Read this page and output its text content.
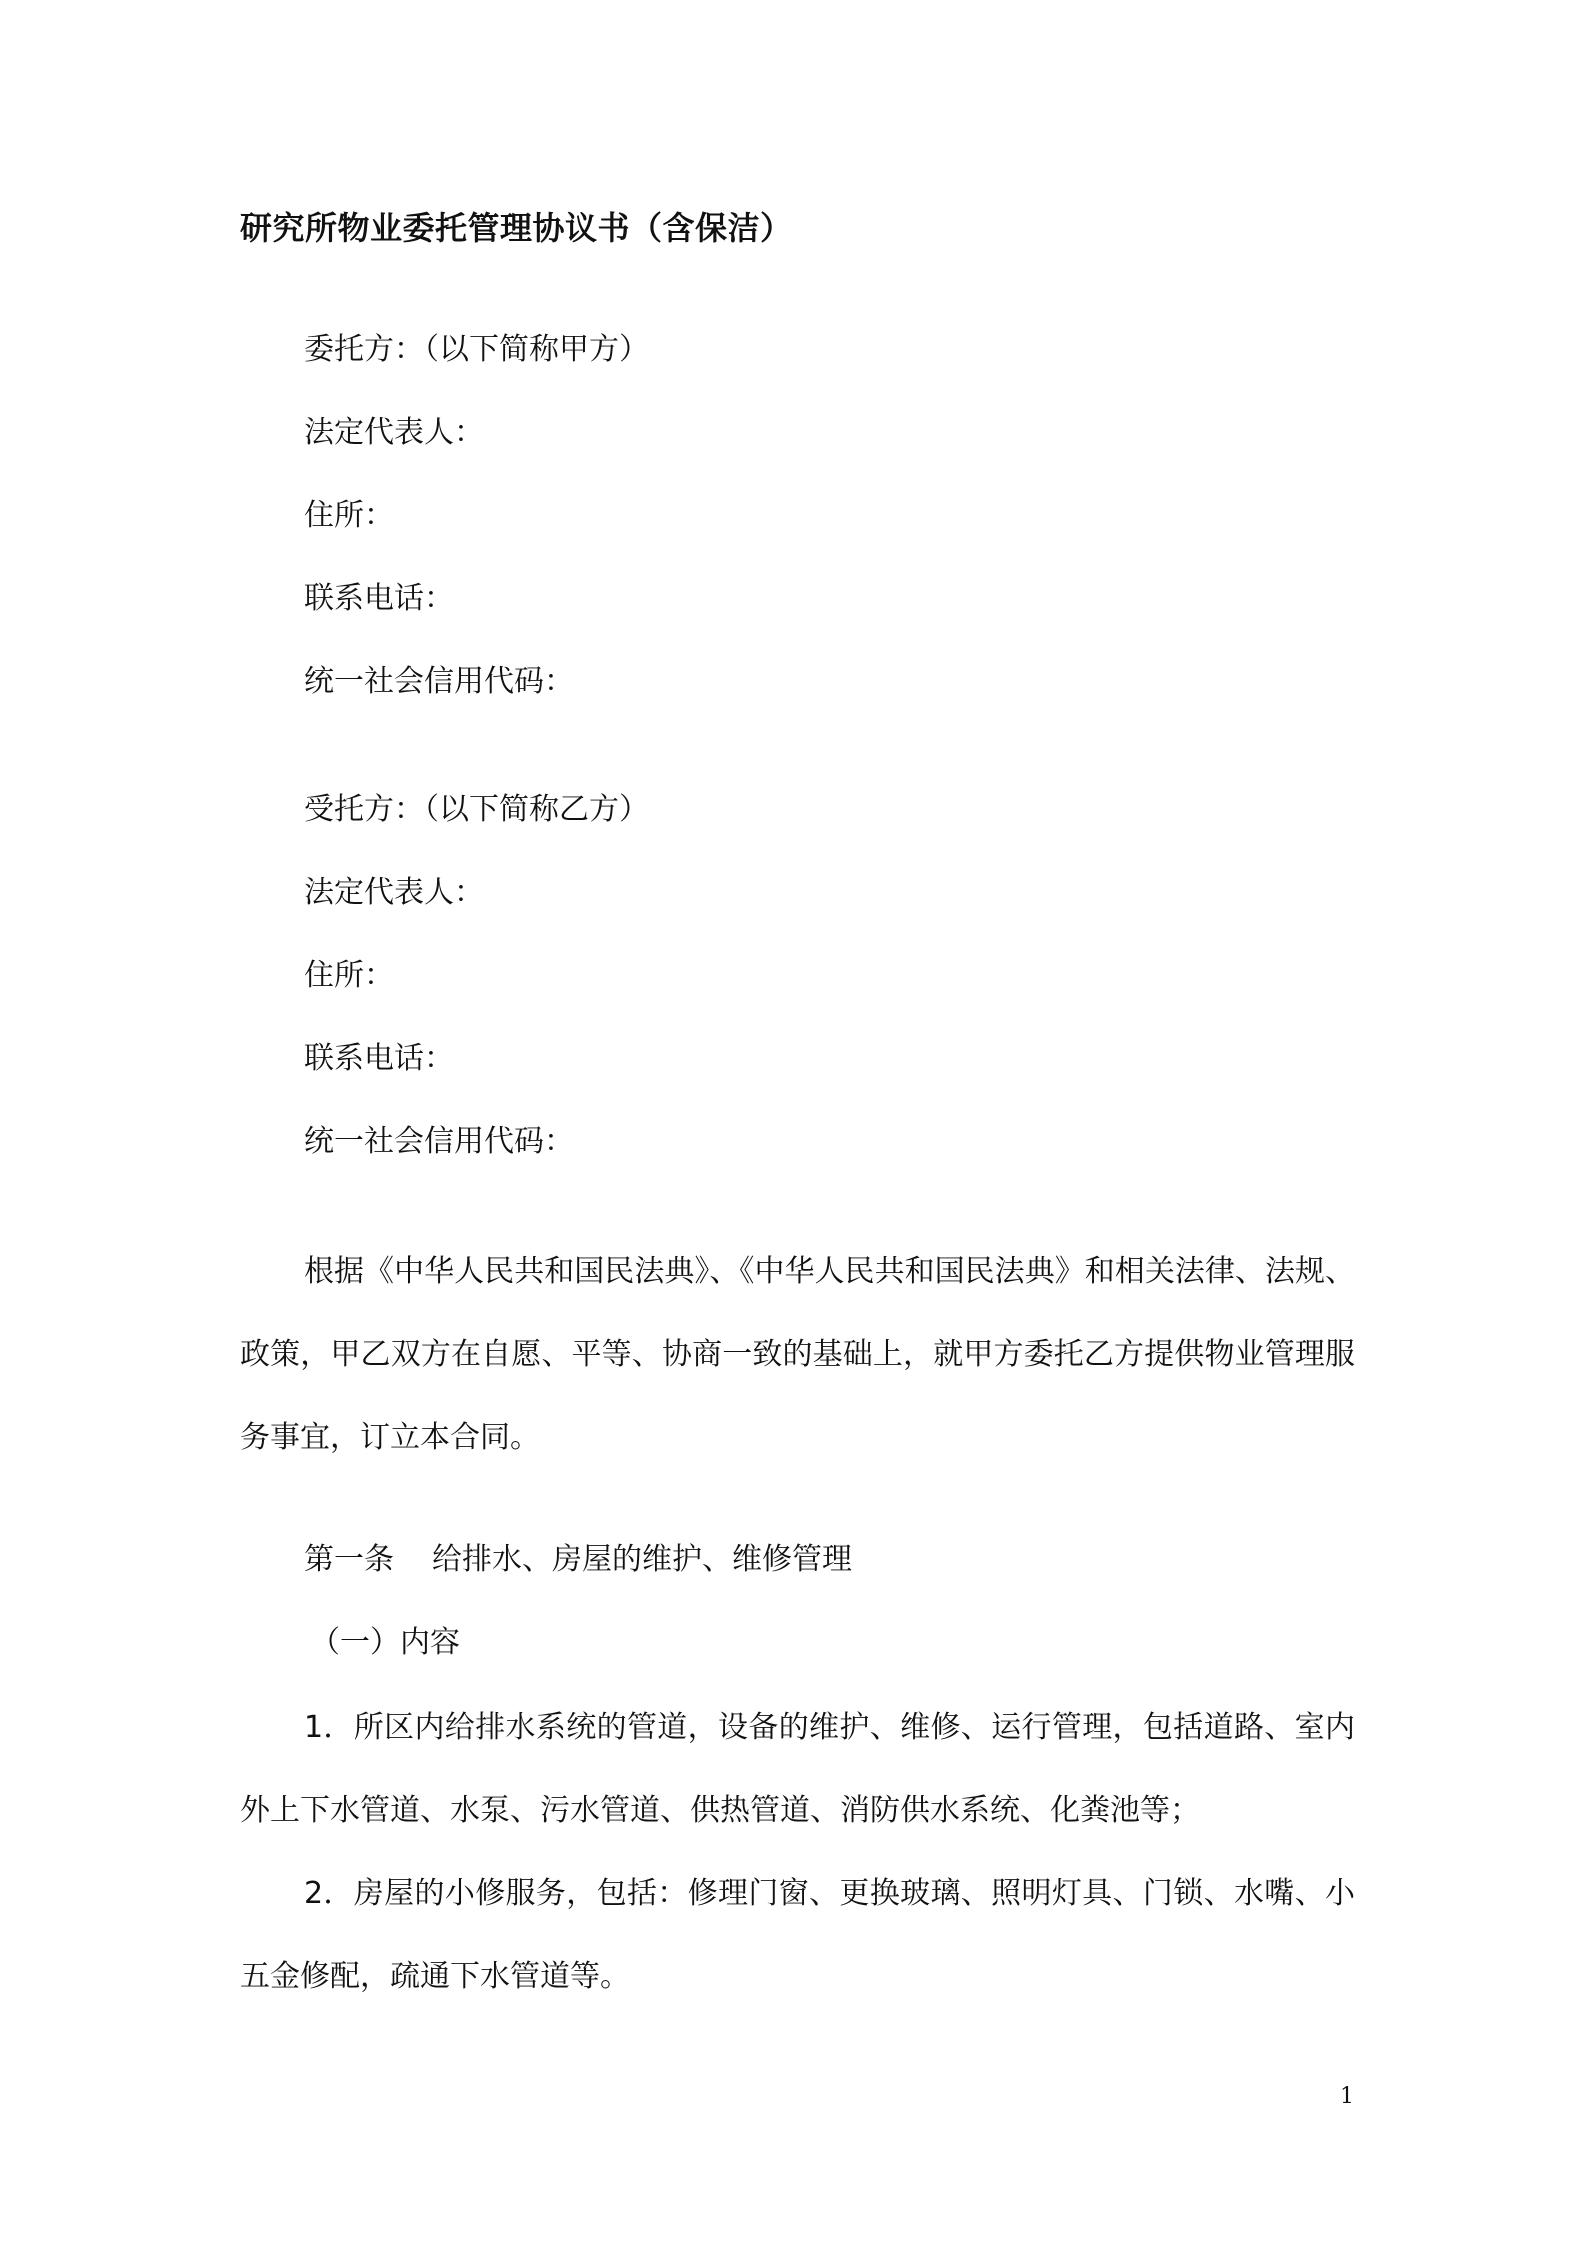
研究所物业委托管理协议书（含保洁）
委托方：（以下简称甲方）
法定代表人：
住所：
联系电话：
统一社会信用代码：
受托方：（以下简称乙方）
法定代表人：
住所：
联系电话：
统一社会信用代码：

根据《中华人民共和国民法典》、《中华人民共和国民法典》和相关法律、法规、政策，甲乙双方在自愿、平等、协商一致的基础上，就甲方委托乙方提供物业管理服务事宜，订立本合同。

第一条 给排水、房屋的维护、维修管理
（一）内容

1．所区内给排水系统的管道，设备的维护、维修、运行管理，包括道路、室内外上下水管道、水泵、污水管道、供热管道、消防供水系统、化粪池等；

2．房屋的小修服务，包括：修理门窗、更换玻璃、照明灯具、门锁、水嘴、小五金修配，疏通下水管道等。

1
